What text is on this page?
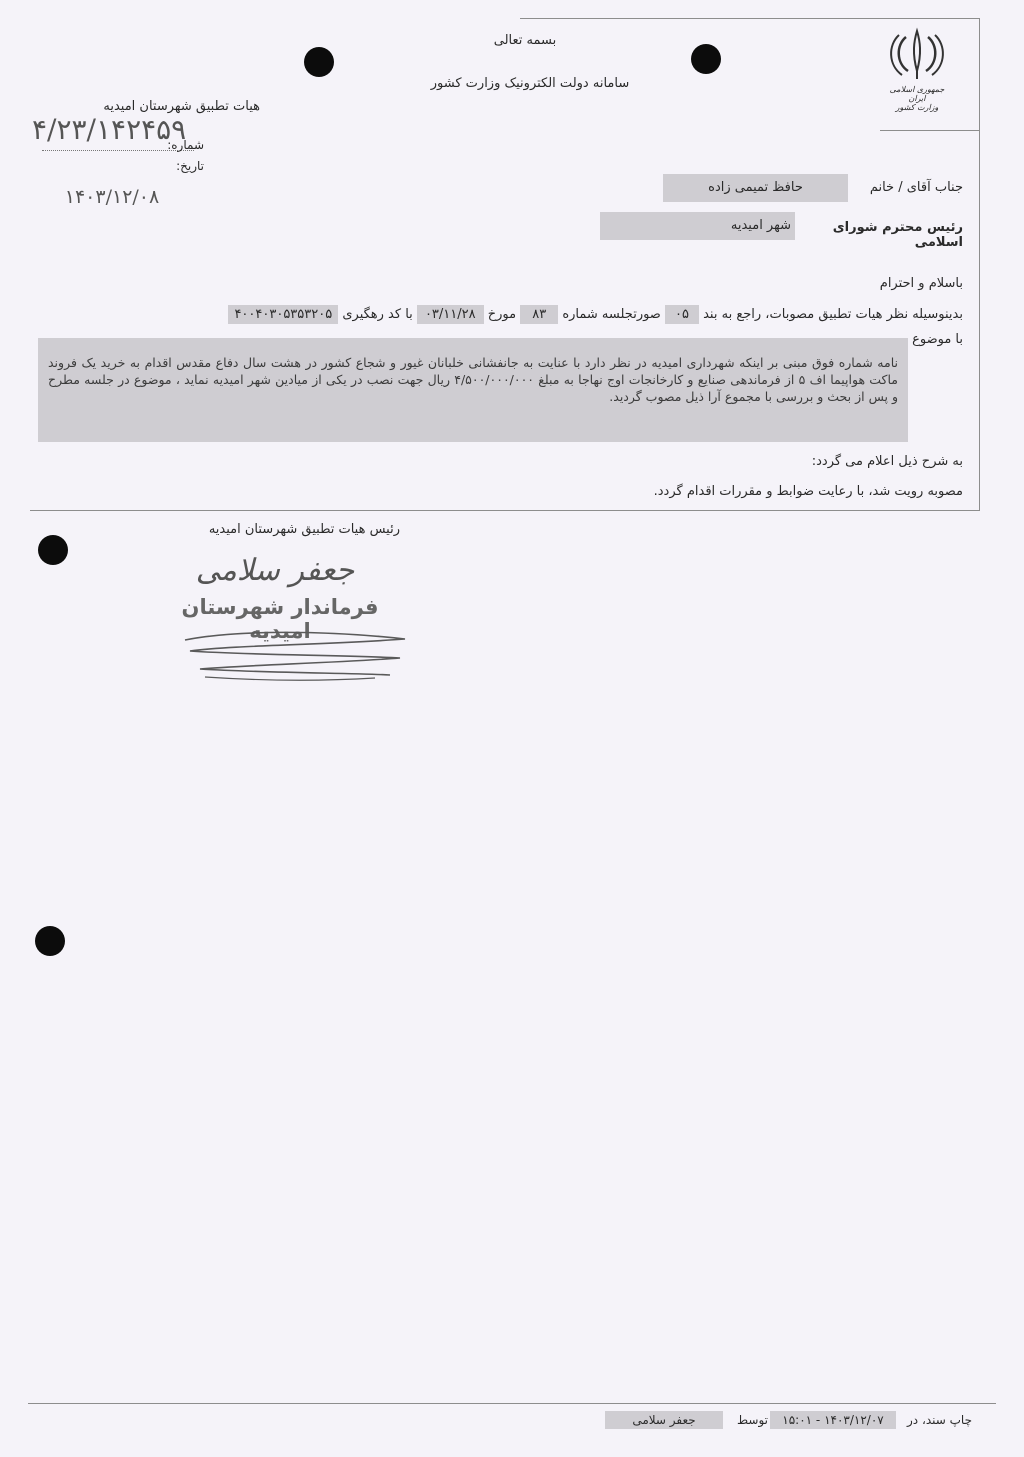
بسمه تعالی
سامانه دولت الکترونیک وزارت کشور	جمهوری اسلامی ایران
وزارت کشور
هیات تطبیق شهرستان امیدیه
۴/۲۳/۱۴۲۴۵۹
شماره:
تاریخ:
۱۴۰۳/۱۲/۰۸	جناب آقای / خانم
حافظ تمیمی زاده
رئیس محترم شورای اسلامی
شهر امیدیه
باسلام و احترام
بدینوسیله نظر هیات تطبیق مصوبات، راجع به بند ۰۵ صورتجلسه شماره ۸۳ مورخ ۰۳/۱۱/۲۸ با کد رهگیری ۴۰۰۴۰۳۰۵۳۵۳۲۰۵
با موضوع
نامه شماره فوق مبنی بر اینکه شهرداری امیدیه در نظر دارد با عنایت به جانفشانی خلبانان غیور و شجاع کشور در هشت سال دفاع مقدس اقدام به خرید یک فروند ماکت هواپیما اف ۵ از فرماندهی صنایع و کارخانجات اوج نهاجا به مبلغ ۴/۵۰۰/۰۰۰/۰۰۰ ریال جهت نصب در یکی از میادین شهر امیدیه نماید ، موضوع در جلسه مطرح و پس از بحث و بررسی با مجموع آرا ذیل مصوب گردید.
به شرح ذیل اعلام می گردد:
مصوبه رویت شد، با رعایت ضوابط و مقررات اقدام گردد.
رئیس هیات تطبیق شهرستان امیدیه
جعفر سلامی
فرماندار شهرستان امیدیه
چاپ سند، در
۱۵:۰۱ - ۱۴۰۳/۱۲/۰۷
توسط
جعفر سلامی
